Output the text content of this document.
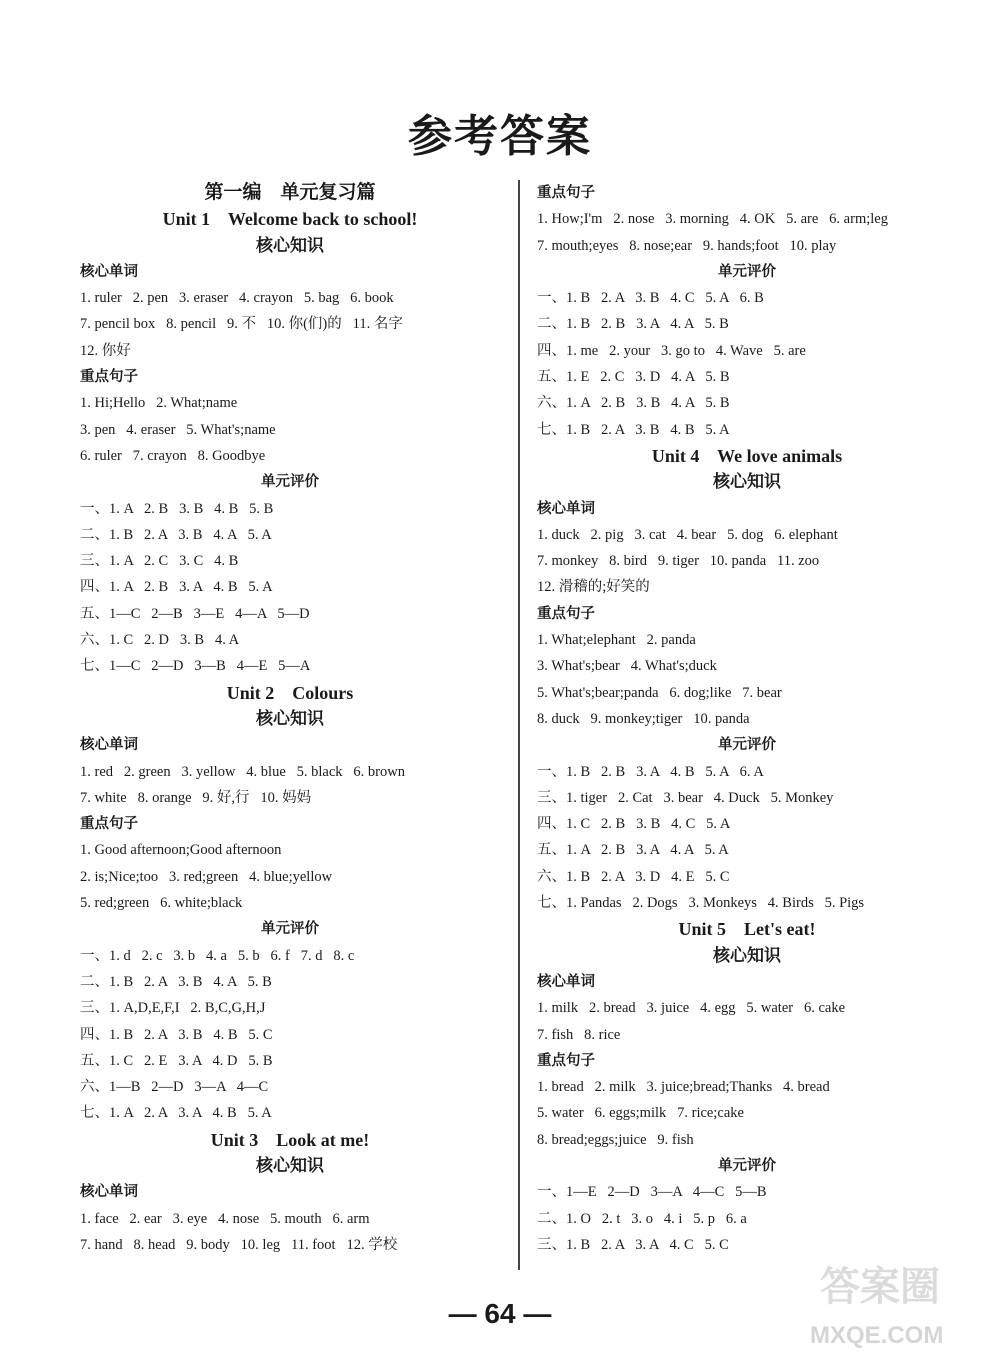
参考答案
第一编    单元复习篇
Unit 1    Welcome back to school!
核心知识
核心单词
1. ruler   2. pen   3. eraser   4. crayon   5. bag   6. book
7. pencil box   8. pencil   9. 不   10. 你(们)的   11. 名字
12. 你好
重点句子
1. Hi;Hello   2. What;name
3. pen   4. eraser   5. What's;name
6. ruler   7. crayon   8. Goodbye
单元评价
一、1. A   2. B   3. B   4. B   5. B
二、1. B   2. A   3. B   4. A   5. A
三、1. A   2. C   3. C   4. B
四、1. A   2. B   3. A   4. B   5. A
五、1—C   2—B   3—E   4—A   5—D
六、1. C   2. D   3. B   4. A
七、1—C   2—D   3—B   4—E   5—A
Unit 2    Colours
核心知识
核心单词
1. red   2. green   3. yellow   4. blue   5. black   6. brown
7. white   8. orange   9. 好,行   10. 妈妈
重点句子
1. Good afternoon;Good afternoon
2. is;Nice;too   3. red;green   4. blue;yellow
5. red;green   6. white;black
单元评价
一、1. d   2. c   3. b   4. a   5. b   6. f   7. d   8. c
二、1. B   2. A   3. B   4. A   5. B
三、1. A,D,E,F,I   2. B,C,G,H,J
四、1. B   2. A   3. B   4. B   5. C
五、1. C   2. E   3. A   4. D   5. B
六、1—B   2—D   3—A   4—C
七、1. A   2. A   3. A   4. B   5. A
Unit 3    Look at me!
核心知识
核心单词
1. face   2. ear   3. eye   4. nose   5. mouth   6. arm
7. hand   8. head   9. body   10. leg   11. foot   12. 学校
重点句子
1. How;I'm   2. nose   3. morning   4. OK   5. are   6. arm;leg
7. mouth;eyes   8. nose;ear   9. hands;foot   10. play
单元评价
一、1. B   2. A   3. B   4. C   5. A   6. B
二、1. B   2. B   3. A   4. A   5. B
四、1. me   2. your   3. go to   4. Wave   5. are
五、1. E   2. C   3. D   4. A   5. B
六、1. A   2. B   3. B   4. A   5. B
七、1. B   2. A   3. B   4. B   5. A
Unit 4    We love animals
核心知识
核心单词
1. duck   2. pig   3. cat   4. bear   5. dog   6. elephant
7. monkey   8. bird   9. tiger   10. panda   11. zoo
12. 滑稽的;好笑的
重点句子
1. What;elephant   2. panda
3. What's;bear   4. What's;duck
5. What's;bear;panda   6. dog;like   7. bear
8. duck   9. monkey;tiger   10. panda
单元评价
一、1. B   2. B   3. A   4. B   5. A   6. A
三、1. tiger   2. Cat   3. bear   4. Duck   5. Monkey
四、1. C   2. B   3. B   4. C   5. A
五、1. A   2. B   3. A   4. A   5. A
六、1. B   2. A   3. D   4. E   5. C
七、1. Pandas   2. Dogs   3. Monkeys   4. Birds   5. Pigs
Unit 5    Let's eat!
核心知识
核心单词
1. milk   2. bread   3. juice   4. egg   5. water   6. cake
7. fish   8. rice
重点句子
1. bread   2. milk   3. juice;bread;Thanks   4. bread
5. water   6. eggs;milk   7. rice;cake
8. bread;eggs;juice   9. fish
单元评价
一、1—E   2—D   3—A   4—C   5—B
二、1. O   2. t   3. o   4. i   5. p   6. a
三、1. B   2. A   3. A   4. C   5. C
— 64 —
答案圈
MXQE.COM
